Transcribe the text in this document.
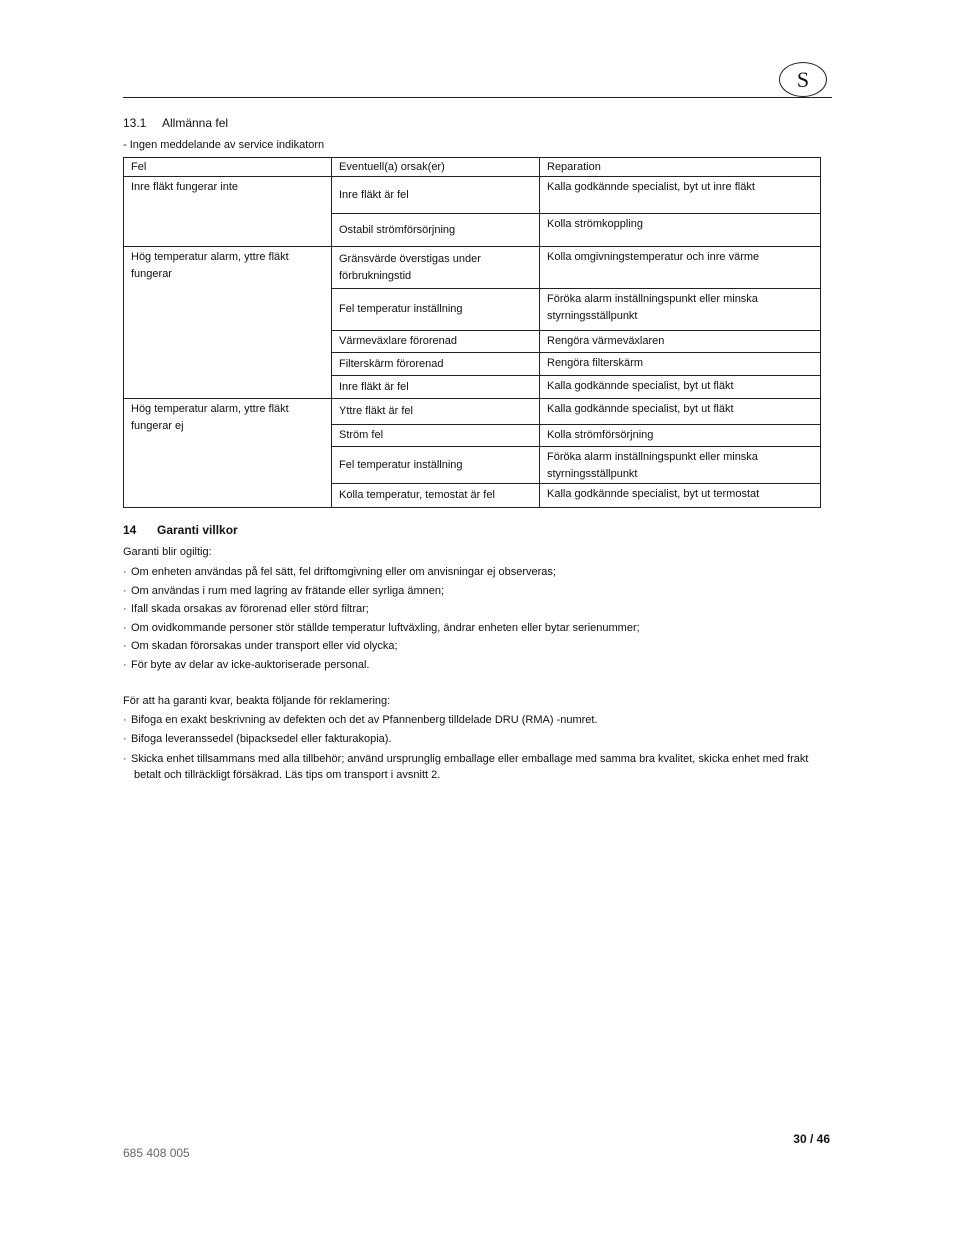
S
13.1 Allmänna fel
- Ingen meddelande av service indikatorn
Fel	Eventuell(a) orsak(er)	Reparation
Inre fläkt fungerar inte	Inre fläkt är fel	Kalla godkännde specialist, byt ut inre fläkt
	Ostabil strömförsörjning	Kolla strömkoppling
Hög temperatur alarm, yttre fläkt fungerar	Gränsvärde överstigas under förbrukningstid	Kolla omgivningstemperatur och inre värme
	Fel temperatur inställning	Föröka alarm inställningspunkt eller minska styrningsställpunkt
	Värmeväxlare förorenad	Rengöra värmeväxlaren
	Filterskärm förorenad	Rengöra filterskärm
	Inre fläkt är fel	Kalla godkännde specialist, byt ut fläkt
Hög temperatur alarm, yttre fläkt fungerar ej	Yttre fläkt är fel	Kalla godkännde specialist, byt ut fläkt
	Ström fel	Kolla strömförsörjning
	Fel temperatur inställning	Föröka alarm inställningspunkt eller minska styrningsställpunkt
	Kolla temperatur, temostat är fel	Kalla godkännde specialist, byt ut termostat
14 Garanti villkor
Garanti blir ogiltig:
· Om enheten användas på fel sätt, fel driftomgivning eller om anvisningar ej observeras;
· Om användas i rum med lagring av frätande eller syrliga ämnen;
· Ifall skada orsakas av förorenad eller störd filtrar;
· Om ovidkommande personer stör ställde temperatur luftväxling, ändrar enheten eller bytar serienummer;
· Om skadan förorsakas under transport eller vid olycka;
· För byte av delar av icke-auktoriserade personal.
För att ha garanti kvar, beakta följande för reklamering:
· Bifoga en exakt beskrivning av defekten och det av Pfannenberg tilldelade DRU (RMA) -numret.
· Bifoga leveranssedel (bipacksedel eller fakturakopia).
· Skicka enhet tillsammans med alla tillbehör; använd ursprunglig emballage eller emballage med samma bra kvalitet, skicka enhet med frakt betalt och tillräckligt försäkrad. Läs tips om transport i avsnitt 2.
30 / 46
685 408 005
